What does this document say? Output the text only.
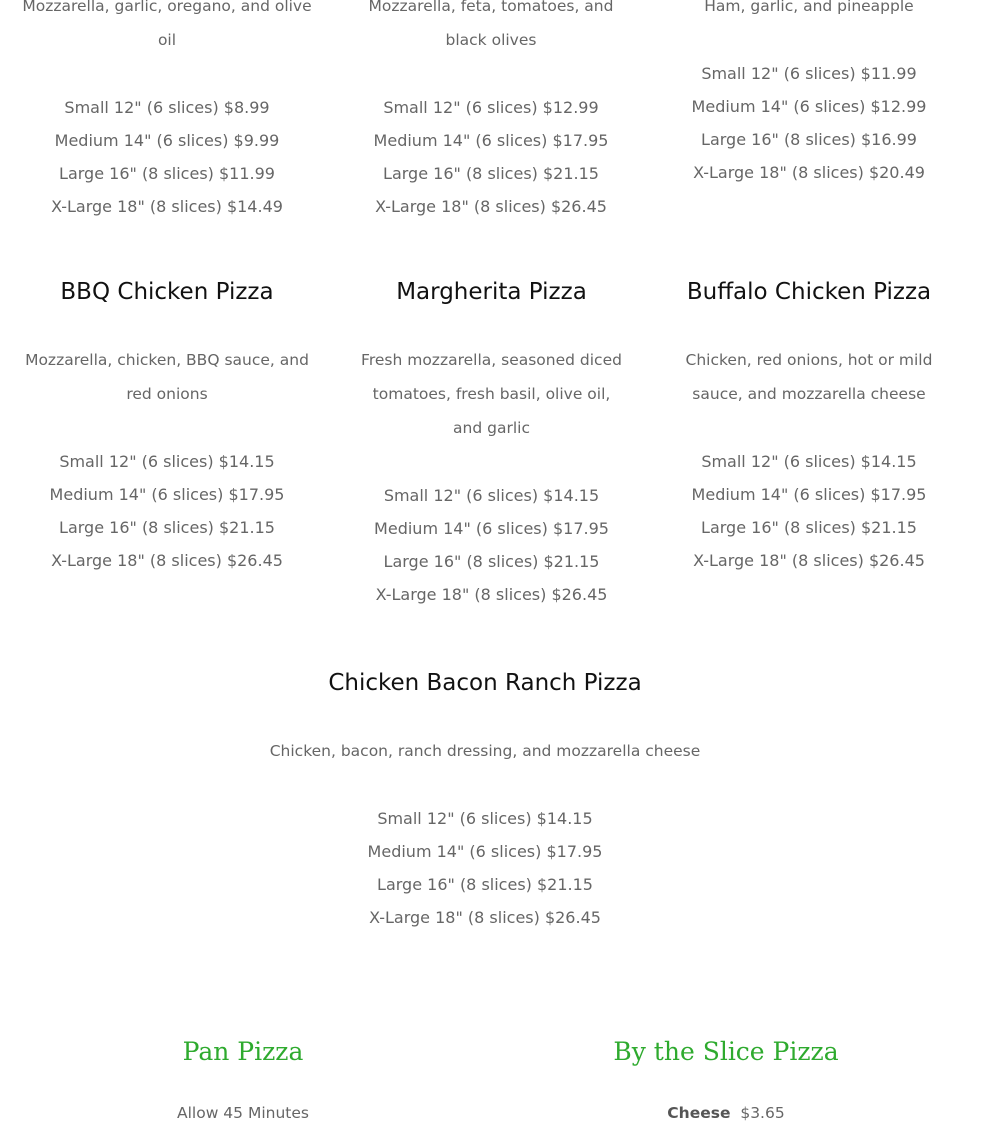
Mozzarella, garlic, oregano, and olive oil

Small 12" (6 slices) $8.99

Medium 14" (6 slices) $9.99

Large 16" (8 slices) $11.99

X-Large 18" (8 slices) $14.49

Mozzarella, feta, tomatoes, and black olives

Small 12" (6 slices) $12.99

Medium 14" (6 slices) $17.95

Large 16" (8 slices) $21.15

X-Large 18" (8 slices) $26.45

Ham, garlic, and pineapple

Small 12" (6 slices) $11.99

Medium 14" (6 slices) $12.99

Large 16" (8 slices) $16.99

X-Large 18" (8 slices) $20.49

BBQ Chicken Pizza

Mozzarella, chicken, BBQ sauce, and red onions

Small 12" (6 slices) $14.15

Medium 14" (6 slices) $17.95

Large 16" (8 slices) $21.15

X-Large 18" (8 slices) $26.45

Margherita Pizza

Fresh mozzarella, seasoned diced tomatoes, fresh basil, olive oil, and garlic

Small 12" (6 slices) $14.15

Medium 14" (6 slices) $17.95

Large 16" (8 slices) $21.15

X-Large 18" (8 slices) $26.45

Buffalo Chicken Pizza

Chicken, red onions, hot or mild sauce, and mozzarella cheese

Small 12" (6 slices) $14.15

Medium 14" (6 slices) $17.95

Large 16" (8 slices) $21.15

X-Large 18" (8 slices) $26.45

Chicken Bacon Ranch Pizza

Chicken, bacon, ranch dressing, and mozzarella cheese

Small 12" (6 slices) $14.15

Medium 14" (6 slices) $17.95

Large 16" (8 slices) $21.15

X-Large 18" (8 slices) $26.45

Pan Pizza

Allow 45 Minutes

By the Slice Pizza

Cheese $3.65
